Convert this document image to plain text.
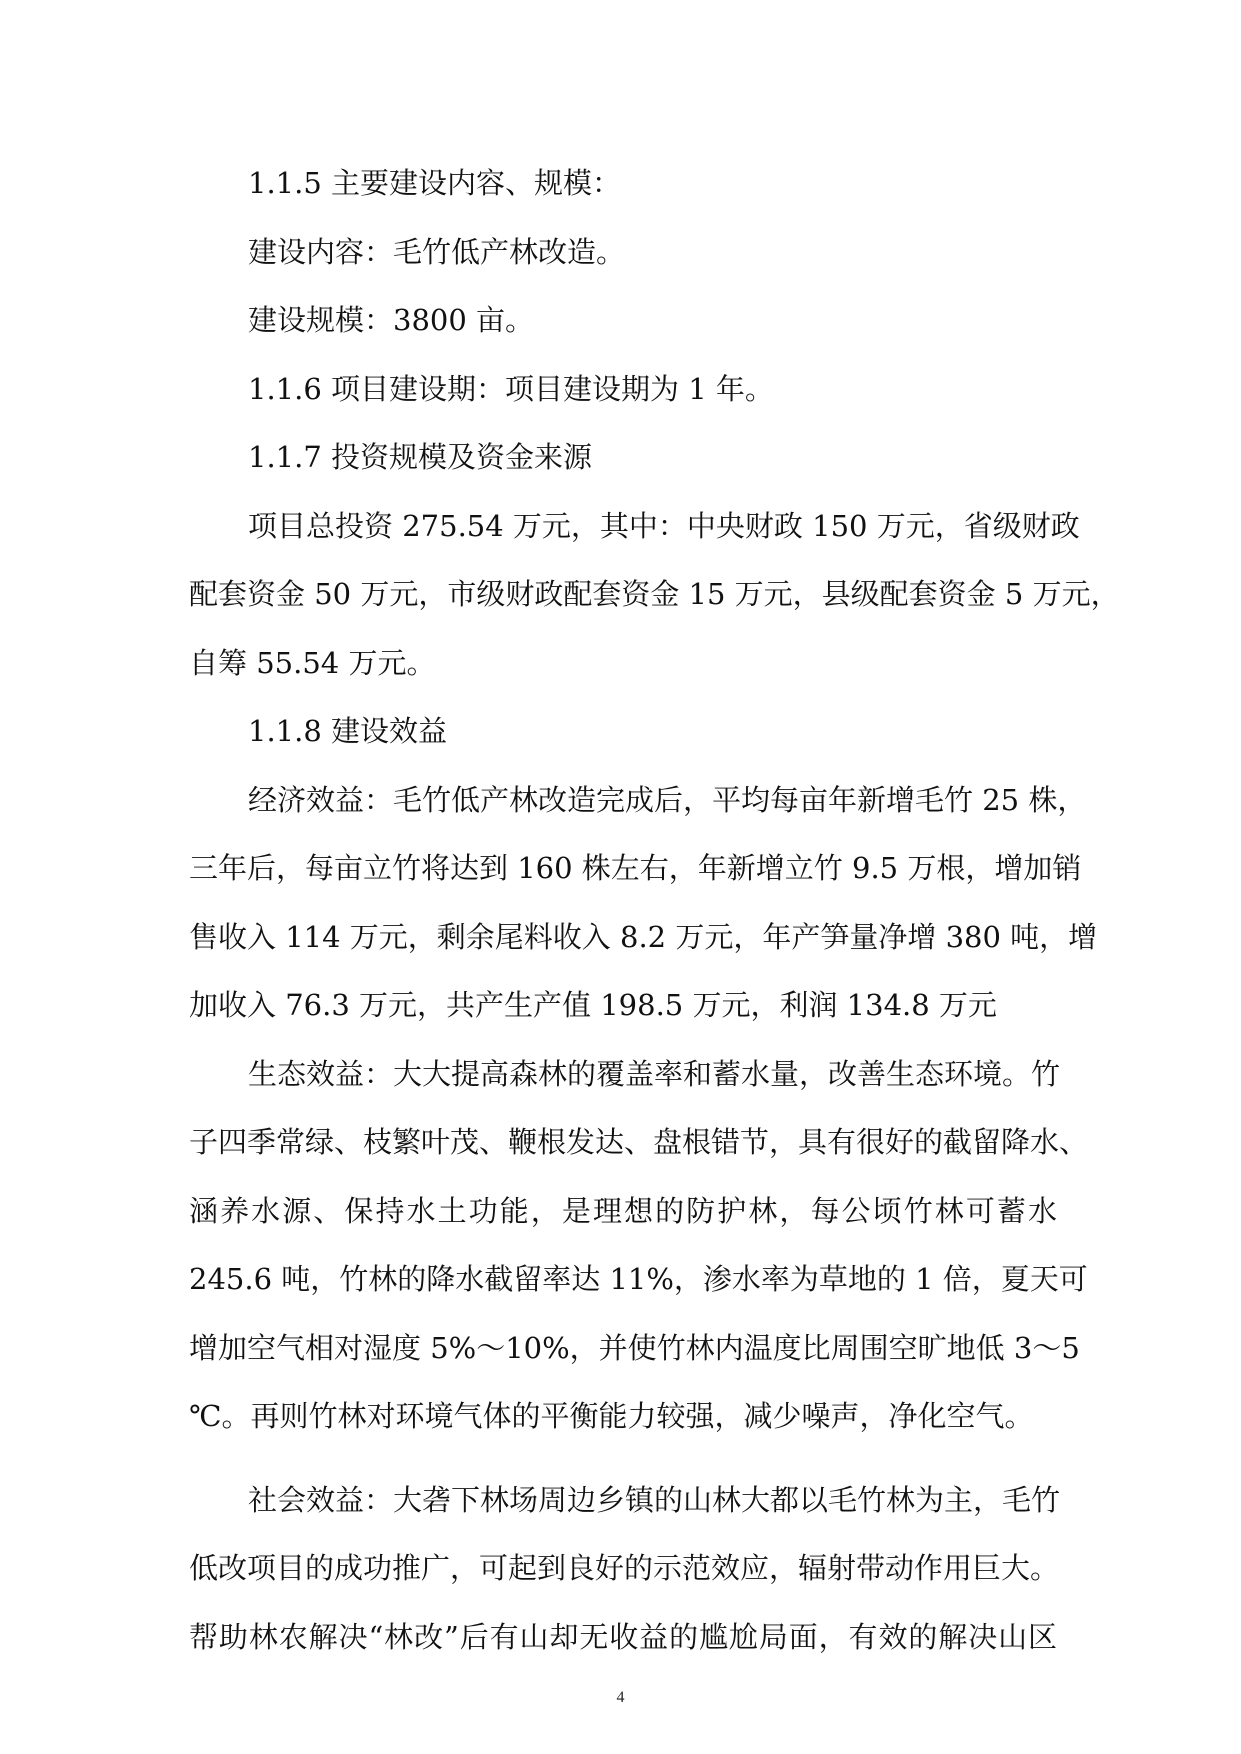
1.1.5 主要建设内容、规模：

建设内容：毛竹低产林改造。

建设规模：3800 亩。

1.1.6 项目建设期：项目建设期为 1 年。

1.1.7 投资规模及资金来源

项目总投资 275.54 万元，其中：中央财政 150 万元，省级财政

配套资金 50 万元，市级财政配套资金 15 万元，县级配套资金 5 万元，

自筹 55.54 万元。

1.1.8 建设效益

经济效益：毛竹低产林改造完成后，平均每亩年新增毛竹 25 株，

三年后，每亩立竹将达到 160 株左右，年新增立竹 9.5 万根，增加销

售收入 114 万元，剩余尾料收入 8.2 万元，年产笋量净增 380 吨，增

加收入 76.3 万元，共产生产值 198.5 万元，利润 134.8 万元

生态效益：大大提高森林的覆盖率和蓄水量，改善生态环境。竹

子四季常绿、枝繁叶茂、鞭根发达、盘根错节，具有很好的截留降水、

涵养水源、保持水土功能，是理想的防护林，每公顷竹林可蓄水

245.6 吨，竹林的降水截留率达 11%，渗水率为草地的 1 倍，夏天可

增加空气相对湿度 5%～10%，并使竹林内温度比周围空旷地低 3～5

℃。再则竹林对环境气体的平衡能力较强，减少噪声，净化空气。

社会效益：大砻下林场周边乡镇的山林大都以毛竹林为主，毛竹

低改项目的成功推广，可起到良好的示范效应，辐射带动作用巨大。

帮助林农解决“林改”后有山却无收益的尴尬局面，有效的解决山区

4
